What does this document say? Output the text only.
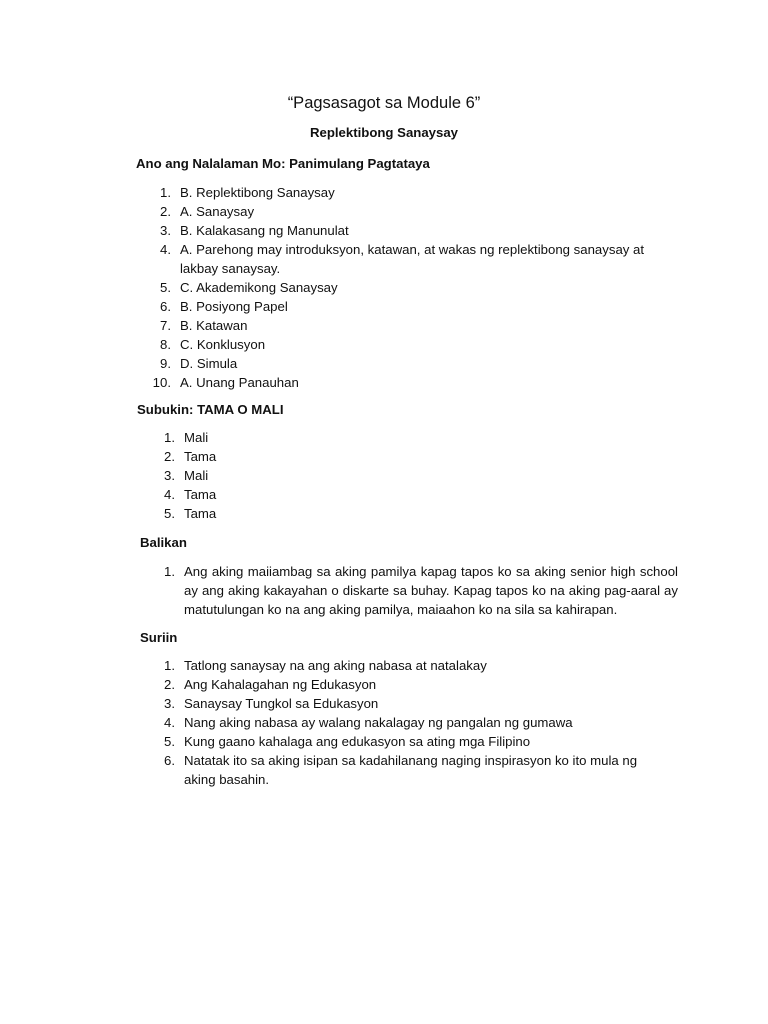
“Pagsasagot sa Module 6”
Replektibong Sanaysay
Ano ang Nalalaman Mo: Panimulang Pagtataya
1. B. Replektibong Sanaysay
2. A. Sanaysay
3. B. Kalakasang ng Manunulat
4. A. Parehong may introduksyon, katawan, at wakas ng replektibong sanaysay at lakbay sanaysay.
5. C. Akademikong Sanaysay
6. B. Posiyong Papel
7. B. Katawan
8. C. Konklusyon
9. D. Simula
10. A. Unang Panauhan
Subukin: TAMA O MALI
1. Mali
2. Tama
3. Mali
4. Tama
5. Tama
Balikan
1. Ang aking maiiambag sa aking pamilya kapag tapos ko sa aking senior high school ay ang aking kakayahan o diskarte sa buhay. Kapag tapos ko na aking pag-aaral ay matutulungan ko na ang aking pamilya, maiaahon ko na sila sa kahirapan.
Suriin
1. Tatlong sanaysay na ang aking nabasa at natalakay
2. Ang Kahalagahan ng Edukasyon
3. Sanaysay Tungkol sa Edukasyon
4. Nang aking nabasa ay walang nakalagay ng pangalan ng gumawa
5. Kung gaano kahalaga ang edukasyon sa ating mga Filipino
6. Natatak ito sa aking isipan sa kadahilanang naging inspirasyon ko ito mula ng aking basahin.
